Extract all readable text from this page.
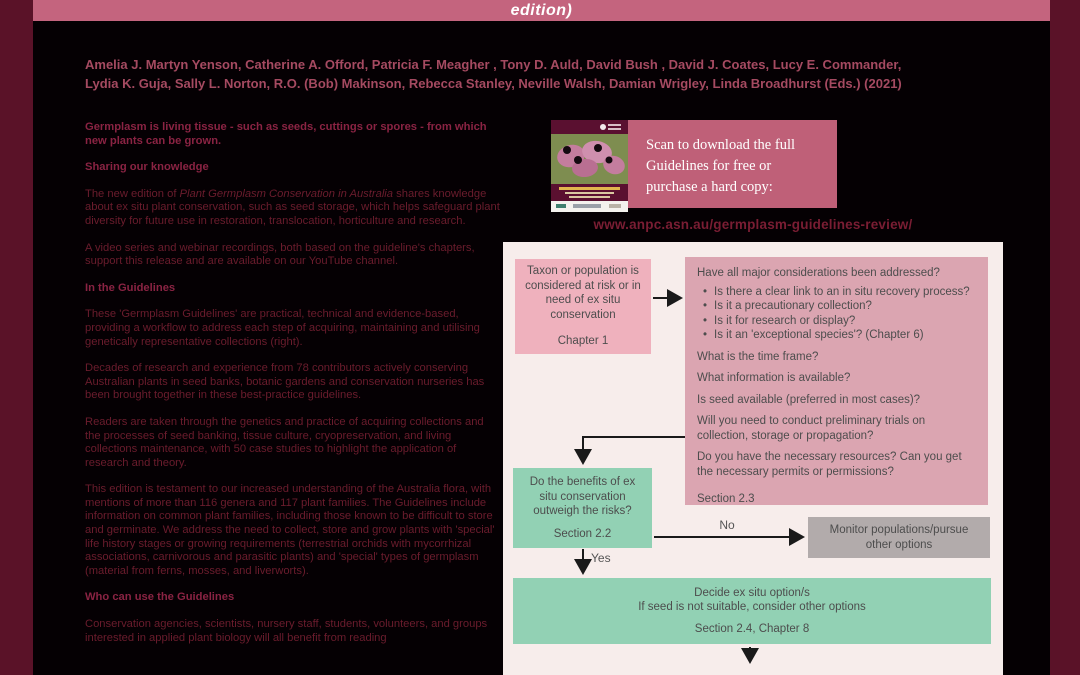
edition)
Amelia J. Martyn Yenson, Catherine A. Offord, Patricia F. Meagher , Tony D. Auld, David Bush , David J. Coates, Lucy E. Commander,
Lydia K. Guja, Sally L. Norton, R.O. (Bob) Makinson, Rebecca Stanley, Neville Walsh, Damian Wrigley, Linda Broadhurst (Eds.) (2021)
Germplasm is living tissue - such as seeds, cuttings or spores - from which new plants can be grown.
Sharing our knowledge

The new edition of Plant Germplasm Conservation in Australia shares knowledge about ex situ plant conservation, such as seed storage, which helps safeguard plant diversity for future use in restoration, translocation, horticulture and research.

A video series and webinar recordings, both based on the guideline's chapters, support this release and are available on our YouTube channel.

In the Guidelines

These 'Germplasm Guidelines' are practical, technical and evidence-based, providing a workflow to address each step of acquiring, maintaining and utilising genetically representative collections (right).

Decades of research and experience from 78 contributors actively conserving Australian plants in seed banks, botanic gardens and conservation nurseries has been brought together in these best-practice guidelines.

Readers are taken through the genetics and practice of acquiring collections and the processes of seed banking, tissue culture, cryopreservation, and living collections maintenance, with 50 case studies to highlight the application of research and theory.

This edition is testament to our increased understanding of the Australia flora, with mentions of more than 116 genera and 117 plant families. The Guidelines include information on common plant families, including those known to be difficult to store and germinate. We address the need to collect, store and grow plants with 'special' life history stages or growing requirements (terrestrial orchids with mycorrhizal associations, carnivorous and parasitic plants) and 'special' types of germplasm (material from ferns, mosses, and liverworts).

Who can use the Guidelines

Conservation agencies, scientists, nursery staff, students, volunteers, and groups interested in applied plant biology will all benefit from reading

Scan to download the full Guidelines for free or purchase a hard copy:
www.anpc.asn.au/germplasm-guidelines-review/
Taxon or population is considered at risk or in need of ex situ conservation
Chapter 1

Have all major considerations been addressed?

• Is there a clear link to an in situ recovery process?
• Is it a precautionary collection?
• Is it for research or display?
• Is it an 'exceptional species'? (Chapter 6)

What is the time frame?

What information is available?

Is seed available (preferred in most cases)?

Will you need to conduct preliminary trials on collection, storage or propagation?

Do you have the necessary resources? Can you get the necessary permits or permissions?

Section 2.3

Do the benefits of ex situ conservation outweigh the risks?
Section 2.2	Monitor populations/pursue other options
Decide ex situ option/s
If seed is not suitable, consider other options
Section 2.4, Chapter 8
No
Yes
